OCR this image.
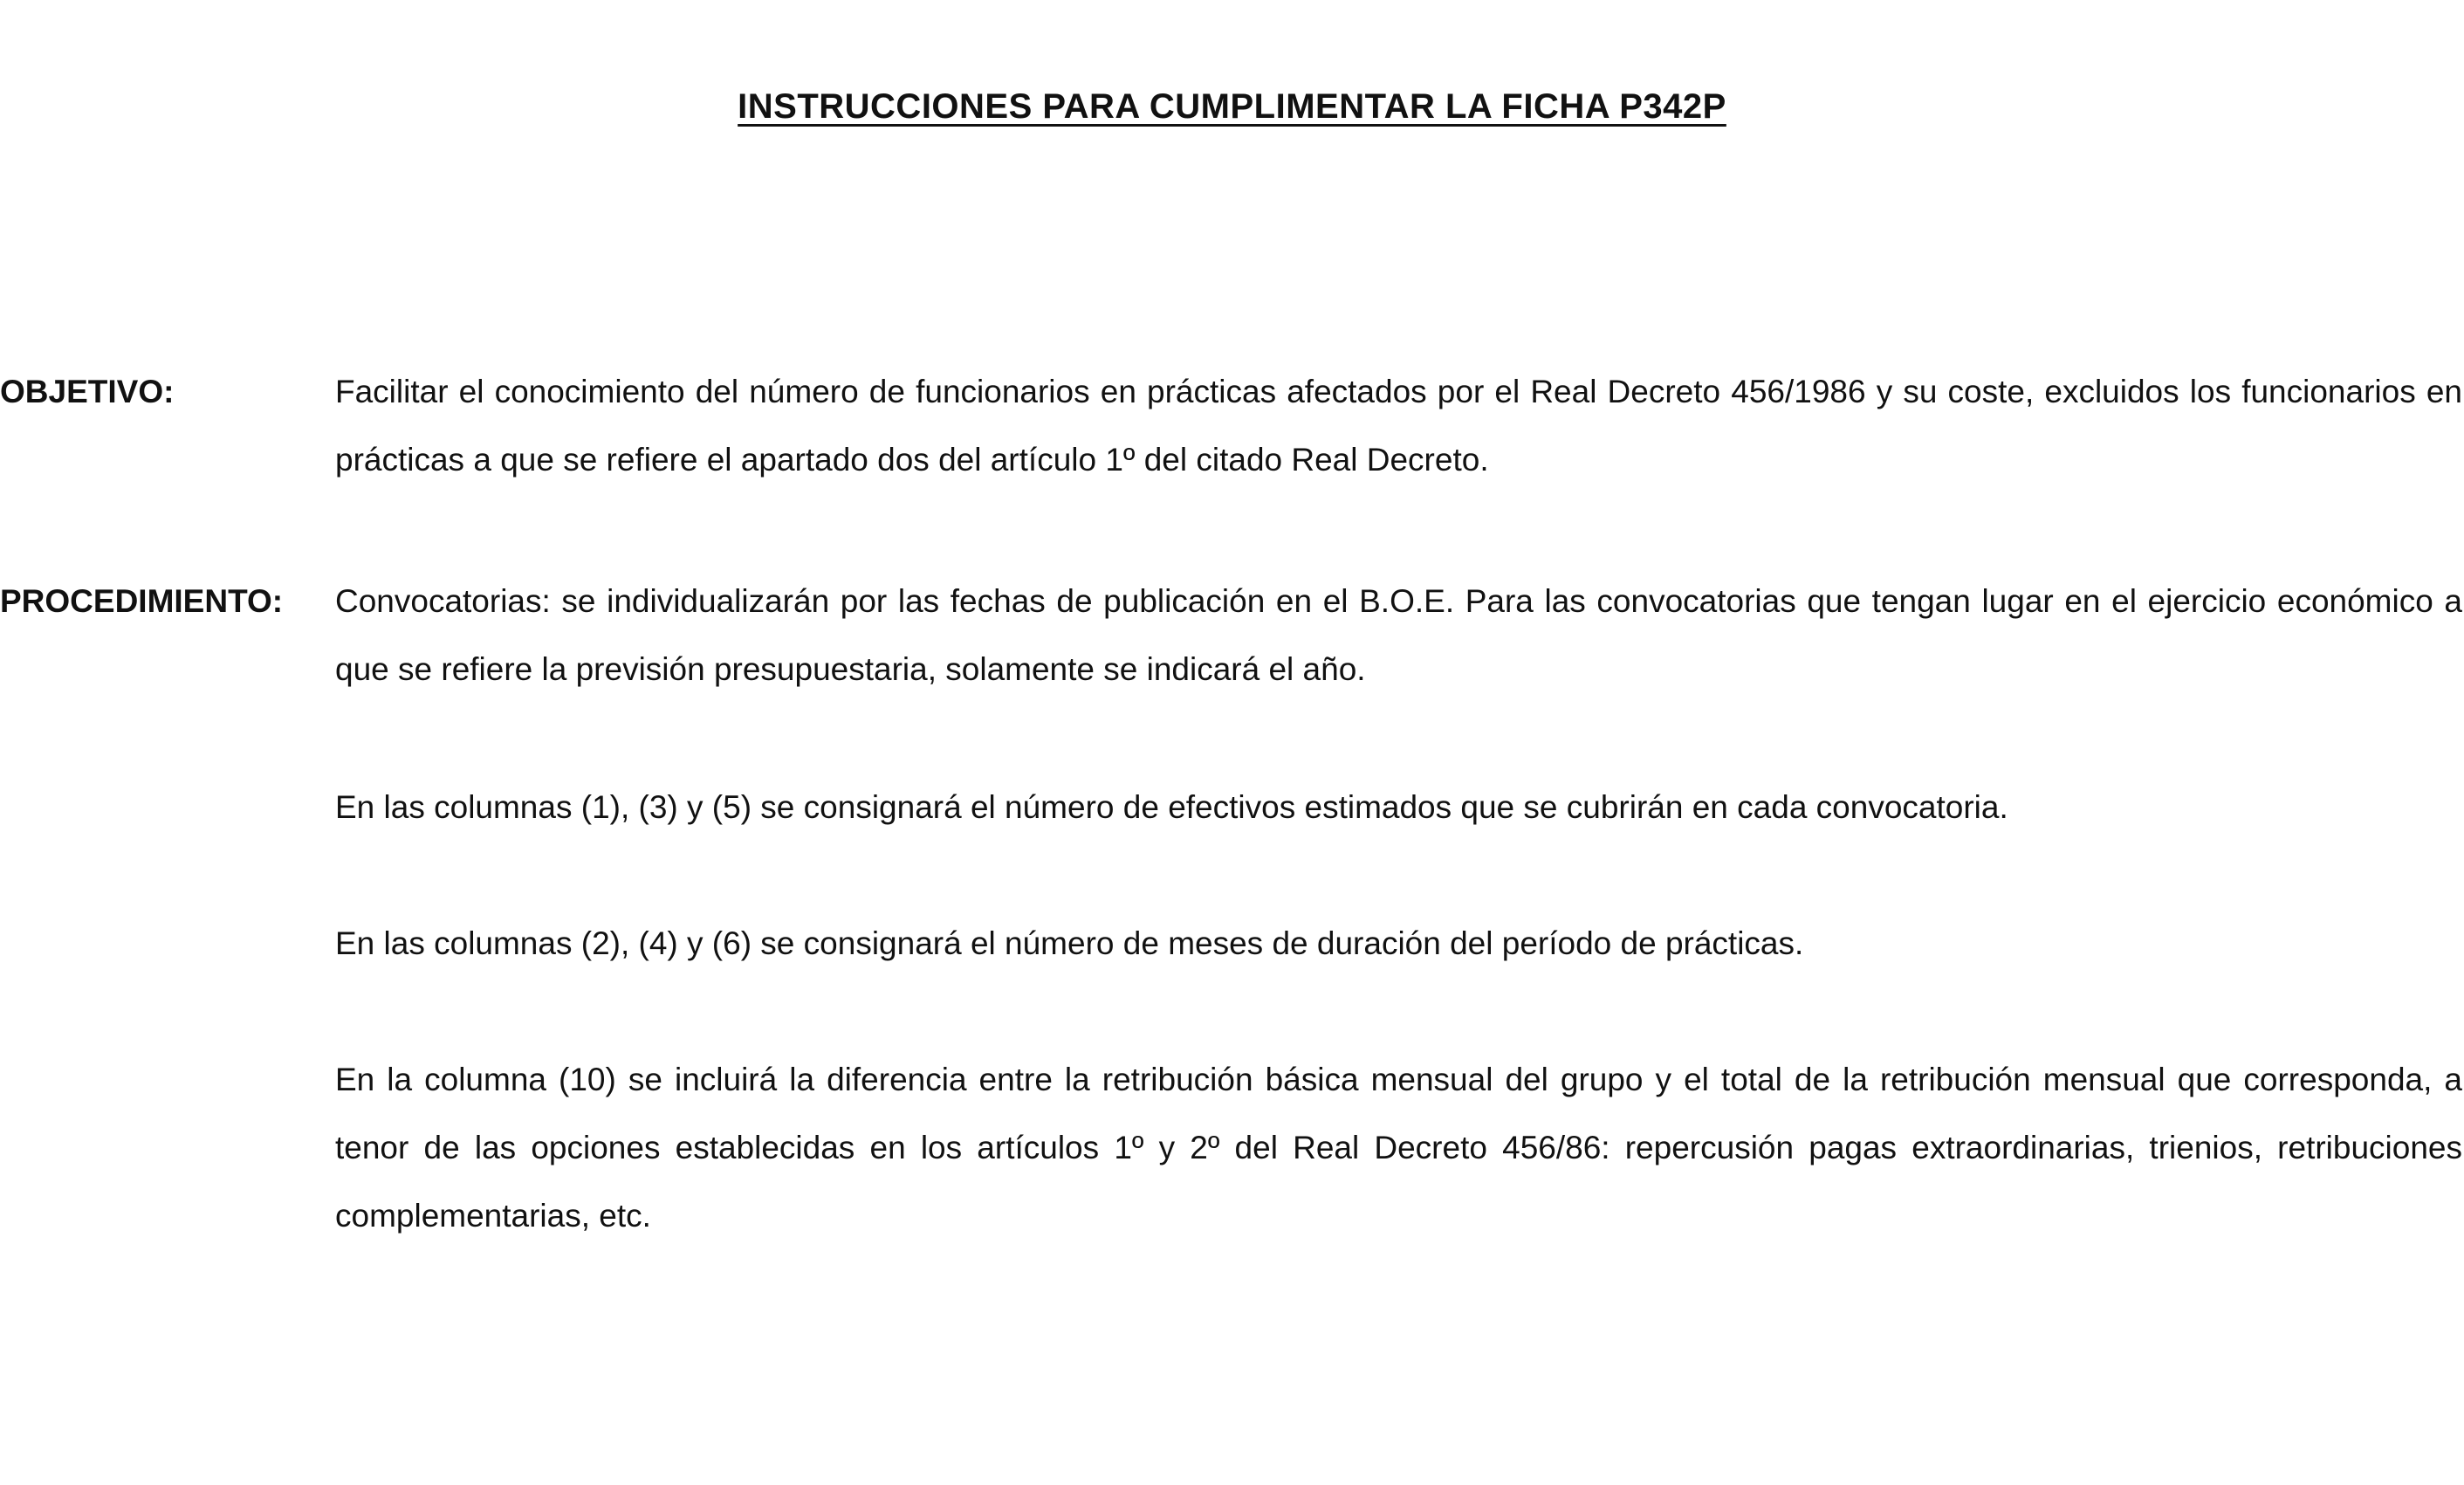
INSTRUCCIONES PARA CUMPLIMENTAR LA FICHA P342P
OBJETIVO:	Facilitar el conocimiento del número de funcionarios en prácticas afectados por el Real Decreto 456/1986 y su coste, excluidos los funcionarios en prácticas a que se refiere el apartado dos del artículo 1º del citado Real Decreto.

PROCEDIMIENTO: Convocatorias: se individualizarán por las fechas de publicación en el B.O.E. Para las convocatorias que tengan lugar en el ejercicio económico a que se refiere la previsión presupuestaria, solamente se indicará el año.

En las columnas (1), (3) y (5) se consignará el número de efectivos estimados que se cubrirán en cada convocatoria.

En las columnas (2), (4) y (6) se consignará el número de meses de duración del período de prácticas.

En la columna (10) se incluirá la diferencia entre la retribución básica mensual del grupo y el total de la retribución mensual que corresponda, a tenor de las opciones establecidas en los artículos 1º y 2º del Real Decreto 456/86: repercusión pagas extraordinarias, trienios, retribuciones complementarias, etc.
